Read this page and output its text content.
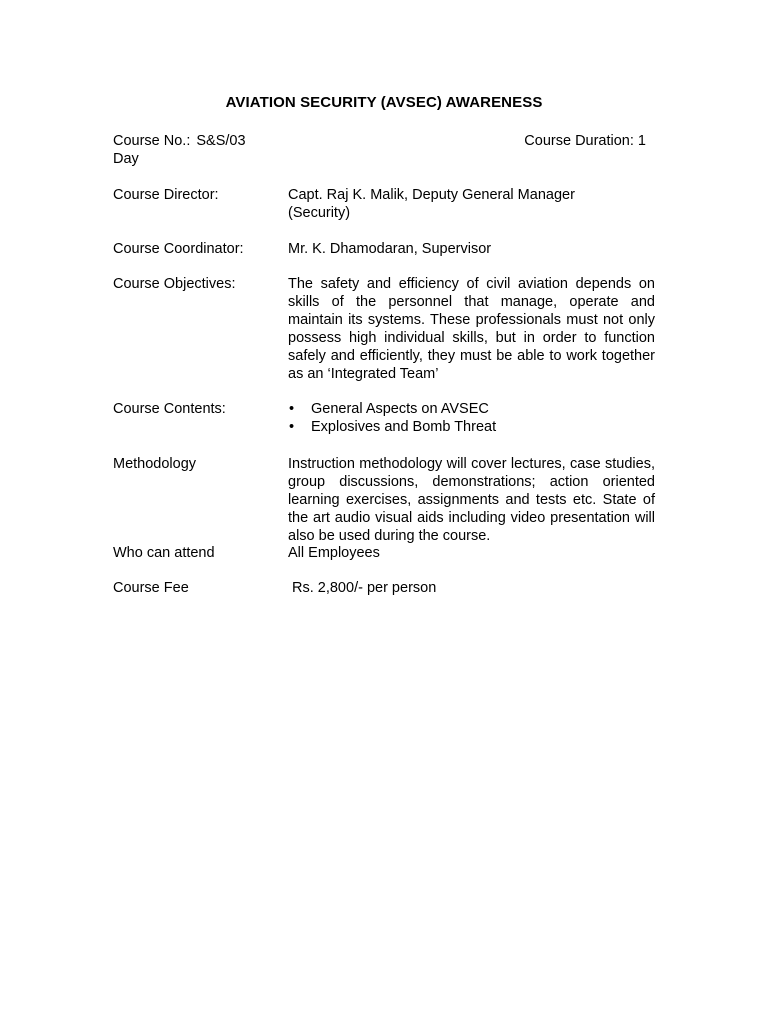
AVIATION SECURITY (AVSEC) AWARENESS
Course No.: S&S/03	Course Duration: 1
Day
Course Director:	Capt. Raj K. Malik, Deputy General Manager (Security)
Course Coordinator:	Mr. K. Dhamodaran, Supervisor
Course Objectives:	The safety and efficiency of civil aviation depends on skills of the personnel that manage, operate and maintain its systems. These professionals must not only possess high individual skills, but in order to function safely and efficiently, they must be able to work together as an ‘Integrated Team’
Course Contents:	• General Aspects on AVSEC
• Explosives and Bomb Threat
Methodology	Instruction methodology will cover lectures, case studies, group discussions, demonstrations; action oriented learning exercises, assignments and tests etc. State of the art audio visual aids including video presentation will also be used during the course.
Who can attend	All Employees
Course Fee	Rs. 2,800/- per person
